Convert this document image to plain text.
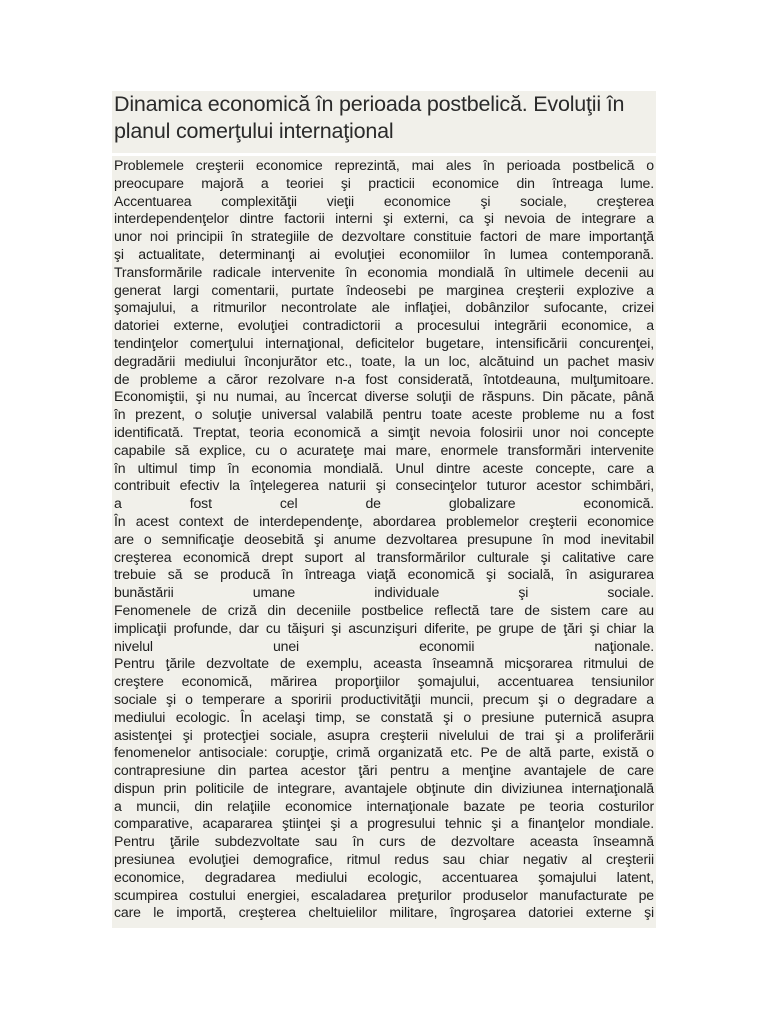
Dinamica economică în perioada postbelică. Evoluţii în planul comerţului internaţional
Problemele creşterii economice reprezintă, mai ales în perioada postbelică o
preocupare majoră a teoriei şi practicii economice din întreaga lume.
Accentuarea complexităţii vieţii economice şi sociale, creşterea
interdependenţelor dintre factorii interni şi externi, ca şi nevoia de integrare a
unor noi principii în strategiile de dezvoltare constituie factori de mare importanţă
şi actualitate, determinanţi ai evoluţiei economiilor în lumea contemporană.
Transformările radicale intervenite în economia mondială în ultimele decenii au
generat largi comentarii, purtate îndeosebi pe marginea creşterii explozive a
şomajului, a ritmurilor necontrolate ale inflaţiei, dobânzilor sufocante, crizei
datoriei externe, evoluţiei contradictorii a procesului integrării economice, a
tendinţelor comerţului internaţional, deficitelor bugetare, intensificării concurenţei,
degradării mediului înconjurător etc., toate, la un loc, alcătuind un pachet masiv
de probleme a căror rezolvare n-a fost considerată, întotdeauna, mulţumitoare.
Economiştii, şi nu numai, au încercat diverse soluţii de răspuns. Din păcate, până
în prezent, o soluţie universal valabilă pentru toate aceste probleme nu a fost
identificată. Treptat, teoria economică a simţit nevoia folosirii unor noi concepte
capabile să explice, cu o acurateţe mai mare, enormele transformări intervenite
în ultimul timp în economia mondială. Unul dintre aceste concepte, care a
contribuit efectiv la înţelegerea naturii şi consecinţelor tuturor acestor schimbări,
a fost cel de globalizare economică.
În acest context de interdependenţe, abordarea problemelor creşterii economice
are o semnificaţie deosebită şi anume dezvoltarea presupune în mod inevitabil
creşterea economică drept suport al transformărilor culturale şi calitative care
trebuie să se producă în întreaga viaţă economică şi socială, în asigurarea
bunăstării umane individuale şi sociale.
Fenomenele de criză din deceniile postbelice reflectă tare de sistem care au
implicaţii profunde, dar cu tăişuri şi ascunzişuri diferite, pe grupe de ţări şi chiar la
nivelul unei economii naţionale.
Pentru ţările dezvoltate de exemplu, aceasta înseamnă micşorarea ritmului de
creştere economică, mărirea proporţiilor şomajului, accentuarea tensiunilor
sociale şi o temperare a sporirii productivităţii muncii, precum şi o degradare a
mediului ecologic. În acelaşi timp, se constată şi o presiune puternică asupra
asistenţei şi protecţiei sociale, asupra creşterii nivelului de trai şi a proliferării
fenomenelor antisociale: corupţie, crimă organizată etc. Pe de altă parte, există o
contrapresiune din partea acestor ţări pentru a menţine avantajele de care
dispun prin politicile de integrare, avantajele obţinute din diviziunea internaţională
a muncii, din relaţiile economice internaţionale bazate pe teoria costurilor
comparative, acapararea ştiinţei şi a progresului tehnic şi a finanţelor mondiale.
Pentru ţările subdezvoltate sau în curs de dezvoltare aceasta înseamnă
presiunea evoluţiei demografice, ritmul redus sau chiar negativ al creşterii
economice, degradarea mediului ecologic, accentuarea şomajului latent,
scumpirea costului energiei, escaladarea preţurilor produselor manufacturate pe
care le importă, creşterea cheltuielilor militare, îngroşarea datoriei externe şi
